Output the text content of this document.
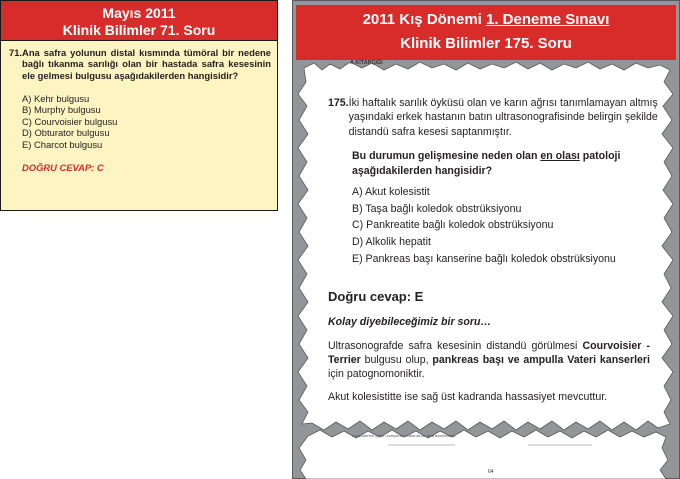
Mayıs 2011
Klinik Bilimler 71. Soru
71. Ana safra yolunun distal kısmında tümöral bir nedene bağlı tıkanma sarılığı olan bir hastada safra kesesinin ele gelmesi bulgusu aşağıdakilerden hangisidir?
A) Kehr bulgusu
B) Murphy bulgusu
C) Courvoisier bulgusu
D) Obturator bulgusu
E) Charcot bulgusu
DOĞRU CEVAP: C
2011 Kış Dönemi 1. Deneme Sınavı
Klinik Bilimler 175. Soru
A KİTAPÇIĞI
175. İki haftalık sarılık öyküsü olan ve karın ağrısı tanımlamayan altmış yaşındaki erkek hastanın batın ultrasonografisinde belirgin şekilde distandü safra kesesi saptanmıştır.
Bu durumun gelişmesine neden olan en olası patoloji aşağıdakilerden hangisidir?
A) Akut kolesistit
B) Taşa bağlı koledok obstrüksiyonu
C) Pankreatite bağlı koledok obstrüksiyonu
D) Alkolik hepatit
E) Pankreas başı kanserine bağlı koledok obstrüksiyonu
Doğru cevap: E
Kolay diyebileceğimiz bir soru…
Ultrasonografde safra kesesinin distandü görülmesi Courvoisier - Terrier bulgusu olup, pankreas başı ve ampulla Vateri kanserleri için patognomoniktir.
Akut kolesistitte ise sağ üst kadranda hassasiyet mevcuttur.
komputerleri işlerin kompleks kodlarda da dearlenmektedir.
64
